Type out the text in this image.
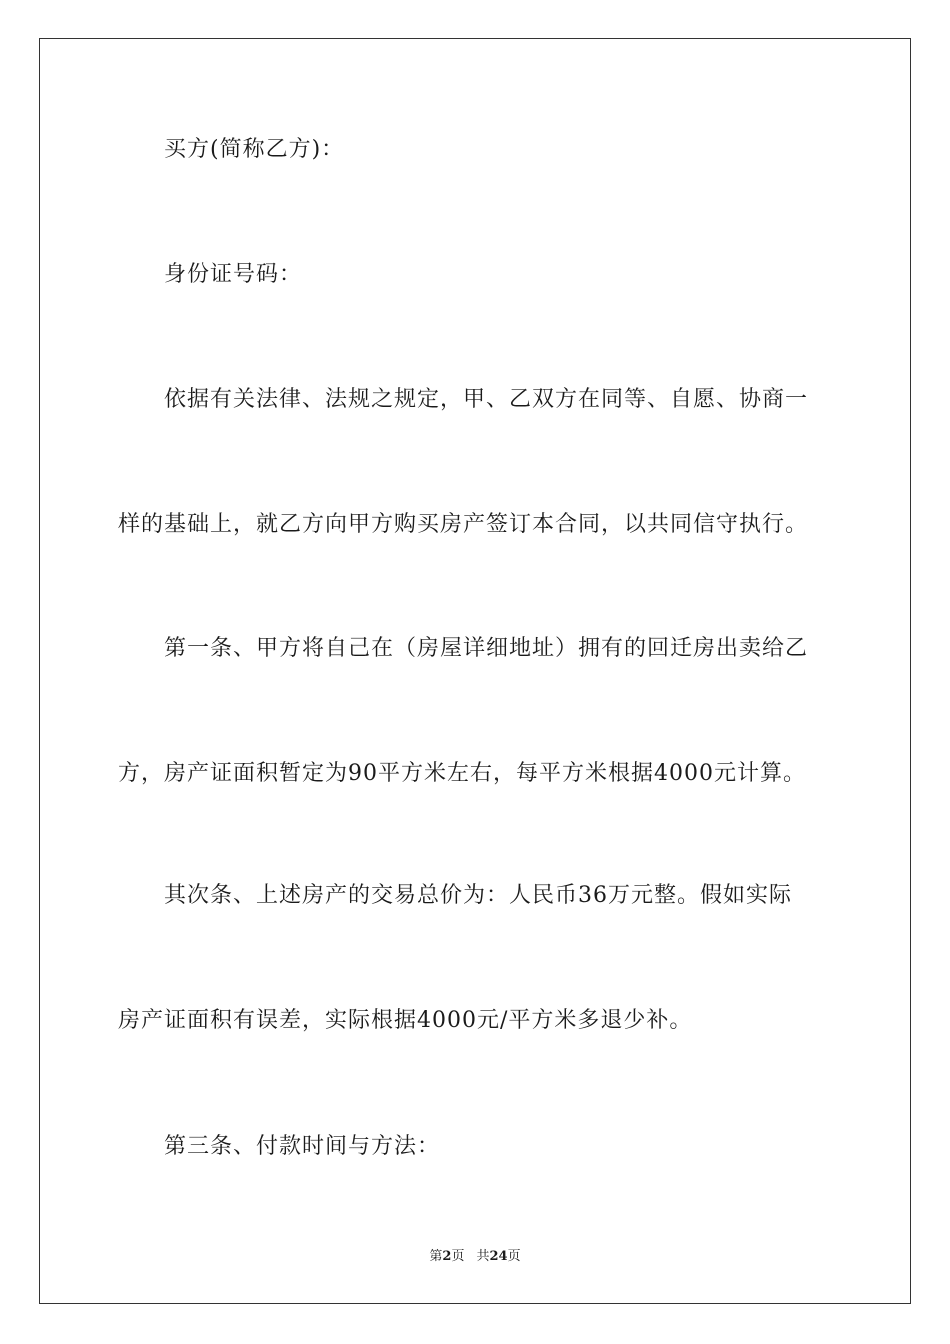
买方(简称乙方)：
身份证号码：
依据有关法律、法规之规定，甲、乙双方在同等、自愿、协商一
样的基础上，就乙方向甲方购买房产签订本合同，以共同信守执行。
第一条、甲方将自己在（房屋详细地址）拥有的回迁房出卖给乙
方，房产证面积暂定为90平方米左右，每平方米根据4000元计算。
其次条、上述房产的交易总价为：人民币36万元整。假如实际
房产证面积有误差，实际根据4000元/平方米多退少补。
第三条、付款时间与方法：
第2页 共24页
